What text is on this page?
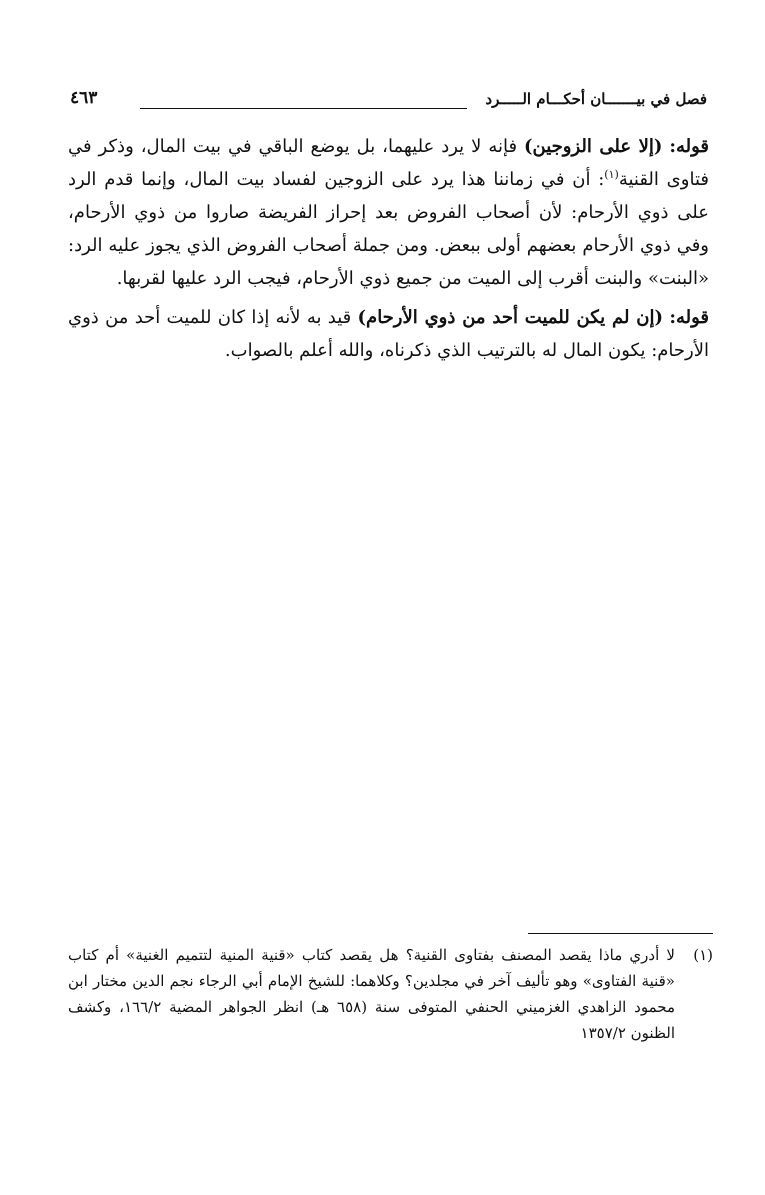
فصل في بيـــــــان أحكـــام الـــــرد
٤٦٣

قوله: (إلا على الزوجين) فإنه لا يرد عليهما، بل يوضع الباقي في بيت المال، وذكر في فتاوى القنية$^{(١)}$: أن في زماننا هذا يرد على الزوجين لفساد بيت المال، وإنما قدم الرد على ذوي الأرحام: لأن أصحاب الفروض بعد إحراز الفريضة صاروا من ذوي الأرحام، وفي ذوي الأرحام بعضهم أولى ببعض. ومن جملة أصحاب الفروض الذي يجوز عليه الرد: «البنت» والبنت أقرب إلى الميت من جميع ذوي الأرحام، فيجب الرد عليها لقربها.

قوله: (إن لم يكن للميت أحد من ذوي الأرحام) قيد به لأنه إذا كان للميت أحد من ذوي الأرحام: يكون المال له بالترتيب الذي ذكرناه، والله أعلم بالصواب.

(١)
لا أدري ماذا يقصد المصنف بفتاوى القنية؟ هل يقصد كتاب «قنية المنية لتتميم الغنية» أم كتاب «قنية الفتاوى» وهو تأليف آخر في مجلدين؟ وكلاهما: للشيخ الإمام أبي الرجاء نجم الدين مختار ابن محمود الزاهدي الغزميني الحنفي المتوفى سنة (٦٥٨ هـ) انظر الجواهر المضية ١٦٦/٢، وكشف الظنون ١٣٥٧/٢
